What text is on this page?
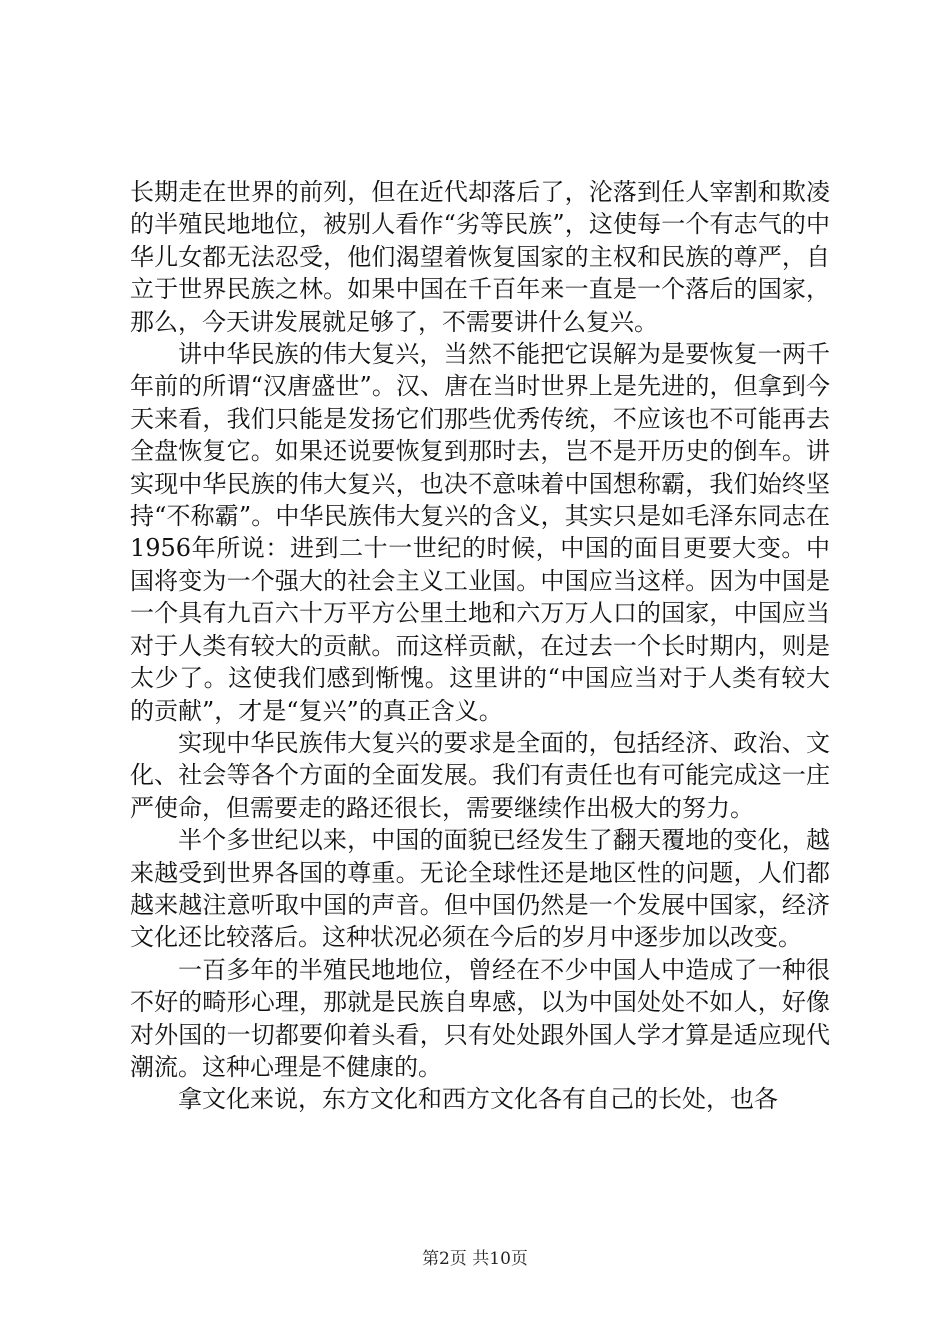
长期走在世界的前列，但在近代却落后了，沦落到任人宰割和欺凌的半殖民地地位，被别人看作“劣等民族”，这使每一个有志气的中华儿女都无法忍受，他们渴望着恢复国家的主权和民族的尊严，自立于世界民族之林。如果中国在千百年来一直是一个落后的国家，那么，今天讲发展就足够了，不需要讲什么复兴。

讲中华民族的伟大复兴，当然不能把它误解为是要恢复一两千年前的所谓“汉唐盛世”。汉、唐在当时世界上是先进的，但拿到今天来看，我们只能是发扬它们那些优秀传统，不应该也不可能再去全盘恢复它。如果还说要恢复到那时去，岂不是开历史的倒车。讲实现中华民族的伟大复兴，也决不意味着中国想称霸，我们始终坚持“不称霸”。中华民族伟大复兴的含义，其实只是如毛泽东同志在1956年所说：进到二十一世纪的时候，中国的面目更要大变。中国将变为一个强大的社会主义工业国。中国应当这样。因为中国是一个具有九百六十万平方公里土地和六万万人口的国家，中国应当对于人类有较大的贡献。而这样贡献，在过去一个长时期内，则是太少了。这使我们感到惭愧。这里讲的“中国应当对于人类有较大的贡献”，才是“复兴”的真正含义。

实现中华民族伟大复兴的要求是全面的，包括经济、政治、文化、社会等各个方面的全面发展。我们有责任也有可能完成这一庄严使命，但需要走的路还很长，需要继续作出极大的努力。

半个多世纪以来，中国的面貌已经发生了翻天覆地的变化，越来越受到世界各国的尊重。无论全球性还是地区性的问题，人们都越来越注意听取中国的声音。但中国仍然是一个发展中国家，经济文化还比较落后。这种状况必须在今后的岁月中逐步加以改变。

一百多年的半殖民地地位，曾经在不少中国人中造成了一种很不好的畸形心理，那就是民族自卑感，以为中国处处不如人，好像对外国的一切都要仰着头看，只有处处跟外国人学才算是适应现代潮流。这种心理是不健康的。

拿文化来说，东方文化和西方文化各有自己的长处，也各

第2页 共10页
